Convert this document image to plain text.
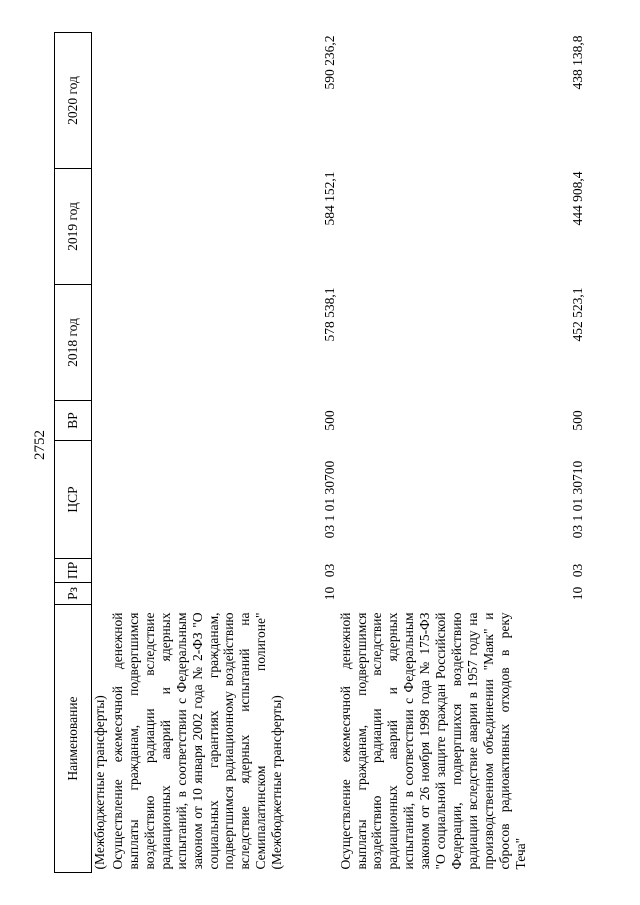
2752
Наименование	Рз	ПР	ЦСР	ВР	2018 год	2019 год	2020 год
(Межбюджетные трансферты)							
Осуществление ежемесячной денежной выплаты гражданам, подвергшимся воздействию радиации вследствие радиационных аварий и ядерных испытаний, в соответствии с Федеральным законом от 10 января 2002 года № 2-ФЗ "О социальных гарантиях гражданам, подвергшимся радиационному воздействию вследствие ядерных испытаний на Семипалатинском полигоне" (Межбюджетные трансферты)	10	03	03 1 01 30700	500	578 538,1	584 152,1	590 236,2
Осуществление ежемесячной денежной выплаты гражданам, подвергшимся воздействию радиации вследствие радиационных аварий и ядерных испытаний, в соответствии с Федеральным законом от 26 ноября 1998 года № 175-ФЗ "О социальной защите граждан Российской Федерации, подвергшихся воздействию радиации вследствие аварии в 1957 году на производственном объединении "Маяк" и сбросов радиоактивных отходов в реку Теча"	10	03	03 1 01 30710	500	452 523,1	444 908,4	438 138,8
